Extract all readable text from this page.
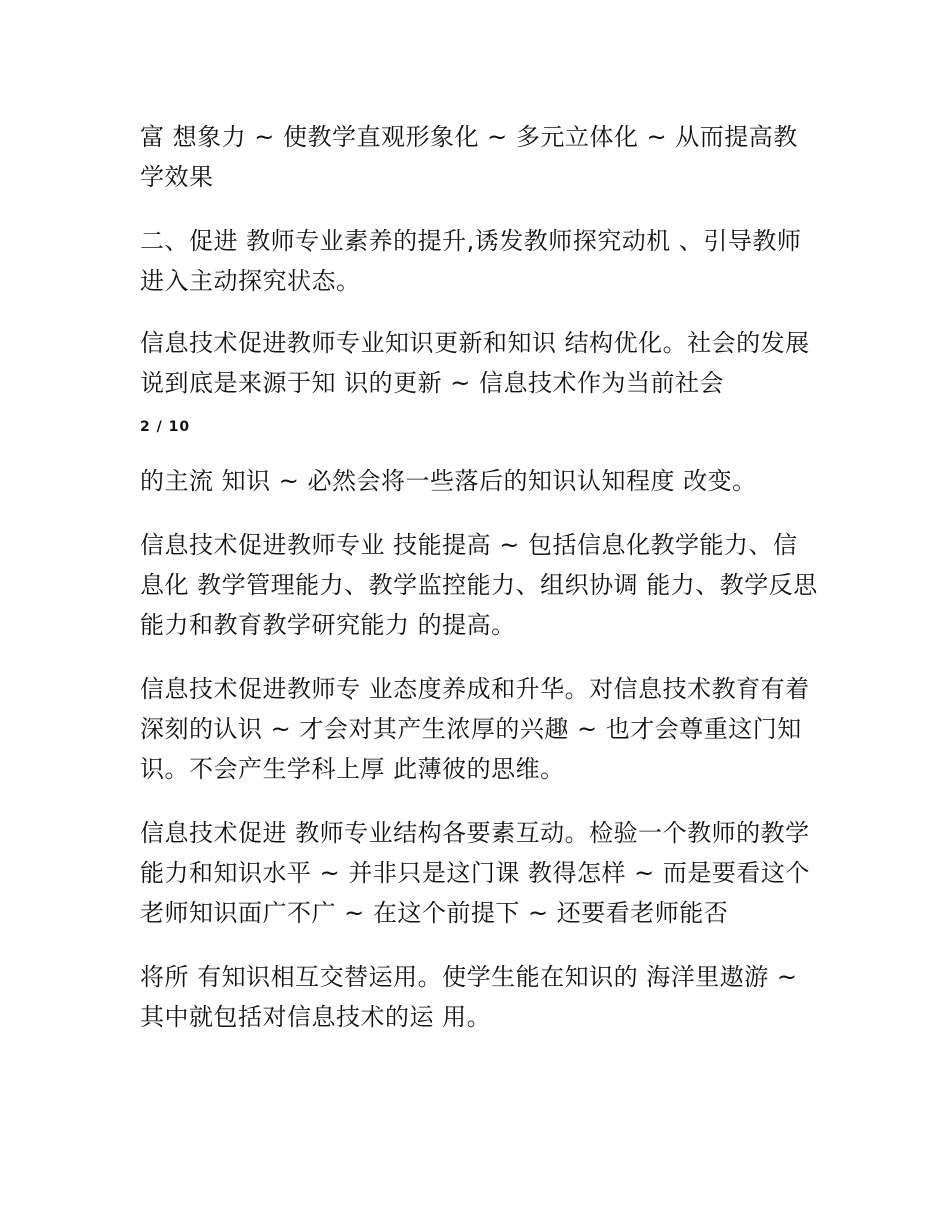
富 想象力 ~ 使教学直观形象化 ~ 多元立体化 ~ 从而提高教学效果

二、促进 教师专业素养的提升,诱发教师探究动机 、引导教师进入主动探究状态。

信息技术促进教师专业知识更新和知识 结构优化。社会的发展说到底是来源于知 识的更新 ~ 信息技术作为当前社会

2 / 10

的主流 知识 ~ 必然会将一些落后的知识认知程度 改变。

信息技术促进教师专业 技能提高 ~ 包括信息化教学能力、信息化 教学管理能力、教学监控能力、组织协调 能力、教学反思能力和教育教学研究能力 的提高。

信息技术促进教师专 业态度养成和升华。对信息技术教育有着 深刻的认识 ~ 才会对其产生浓厚的兴趣 ~ 也才会尊重这门知识。不会产生学科上厚 此薄彼的思维。

信息技术促进 教师专业结构各要素互动。检验一个教师的教学能力和知识水平 ~ 并非只是这门课 教得怎样 ~ 而是要看这个老师知识面广不广 ~ 在这个前提下 ~ 还要看老师能否

将所 有知识相互交替运用。使学生能在知识的 海洋里遨游 ~ 其中就包括对信息技术的运 用。
